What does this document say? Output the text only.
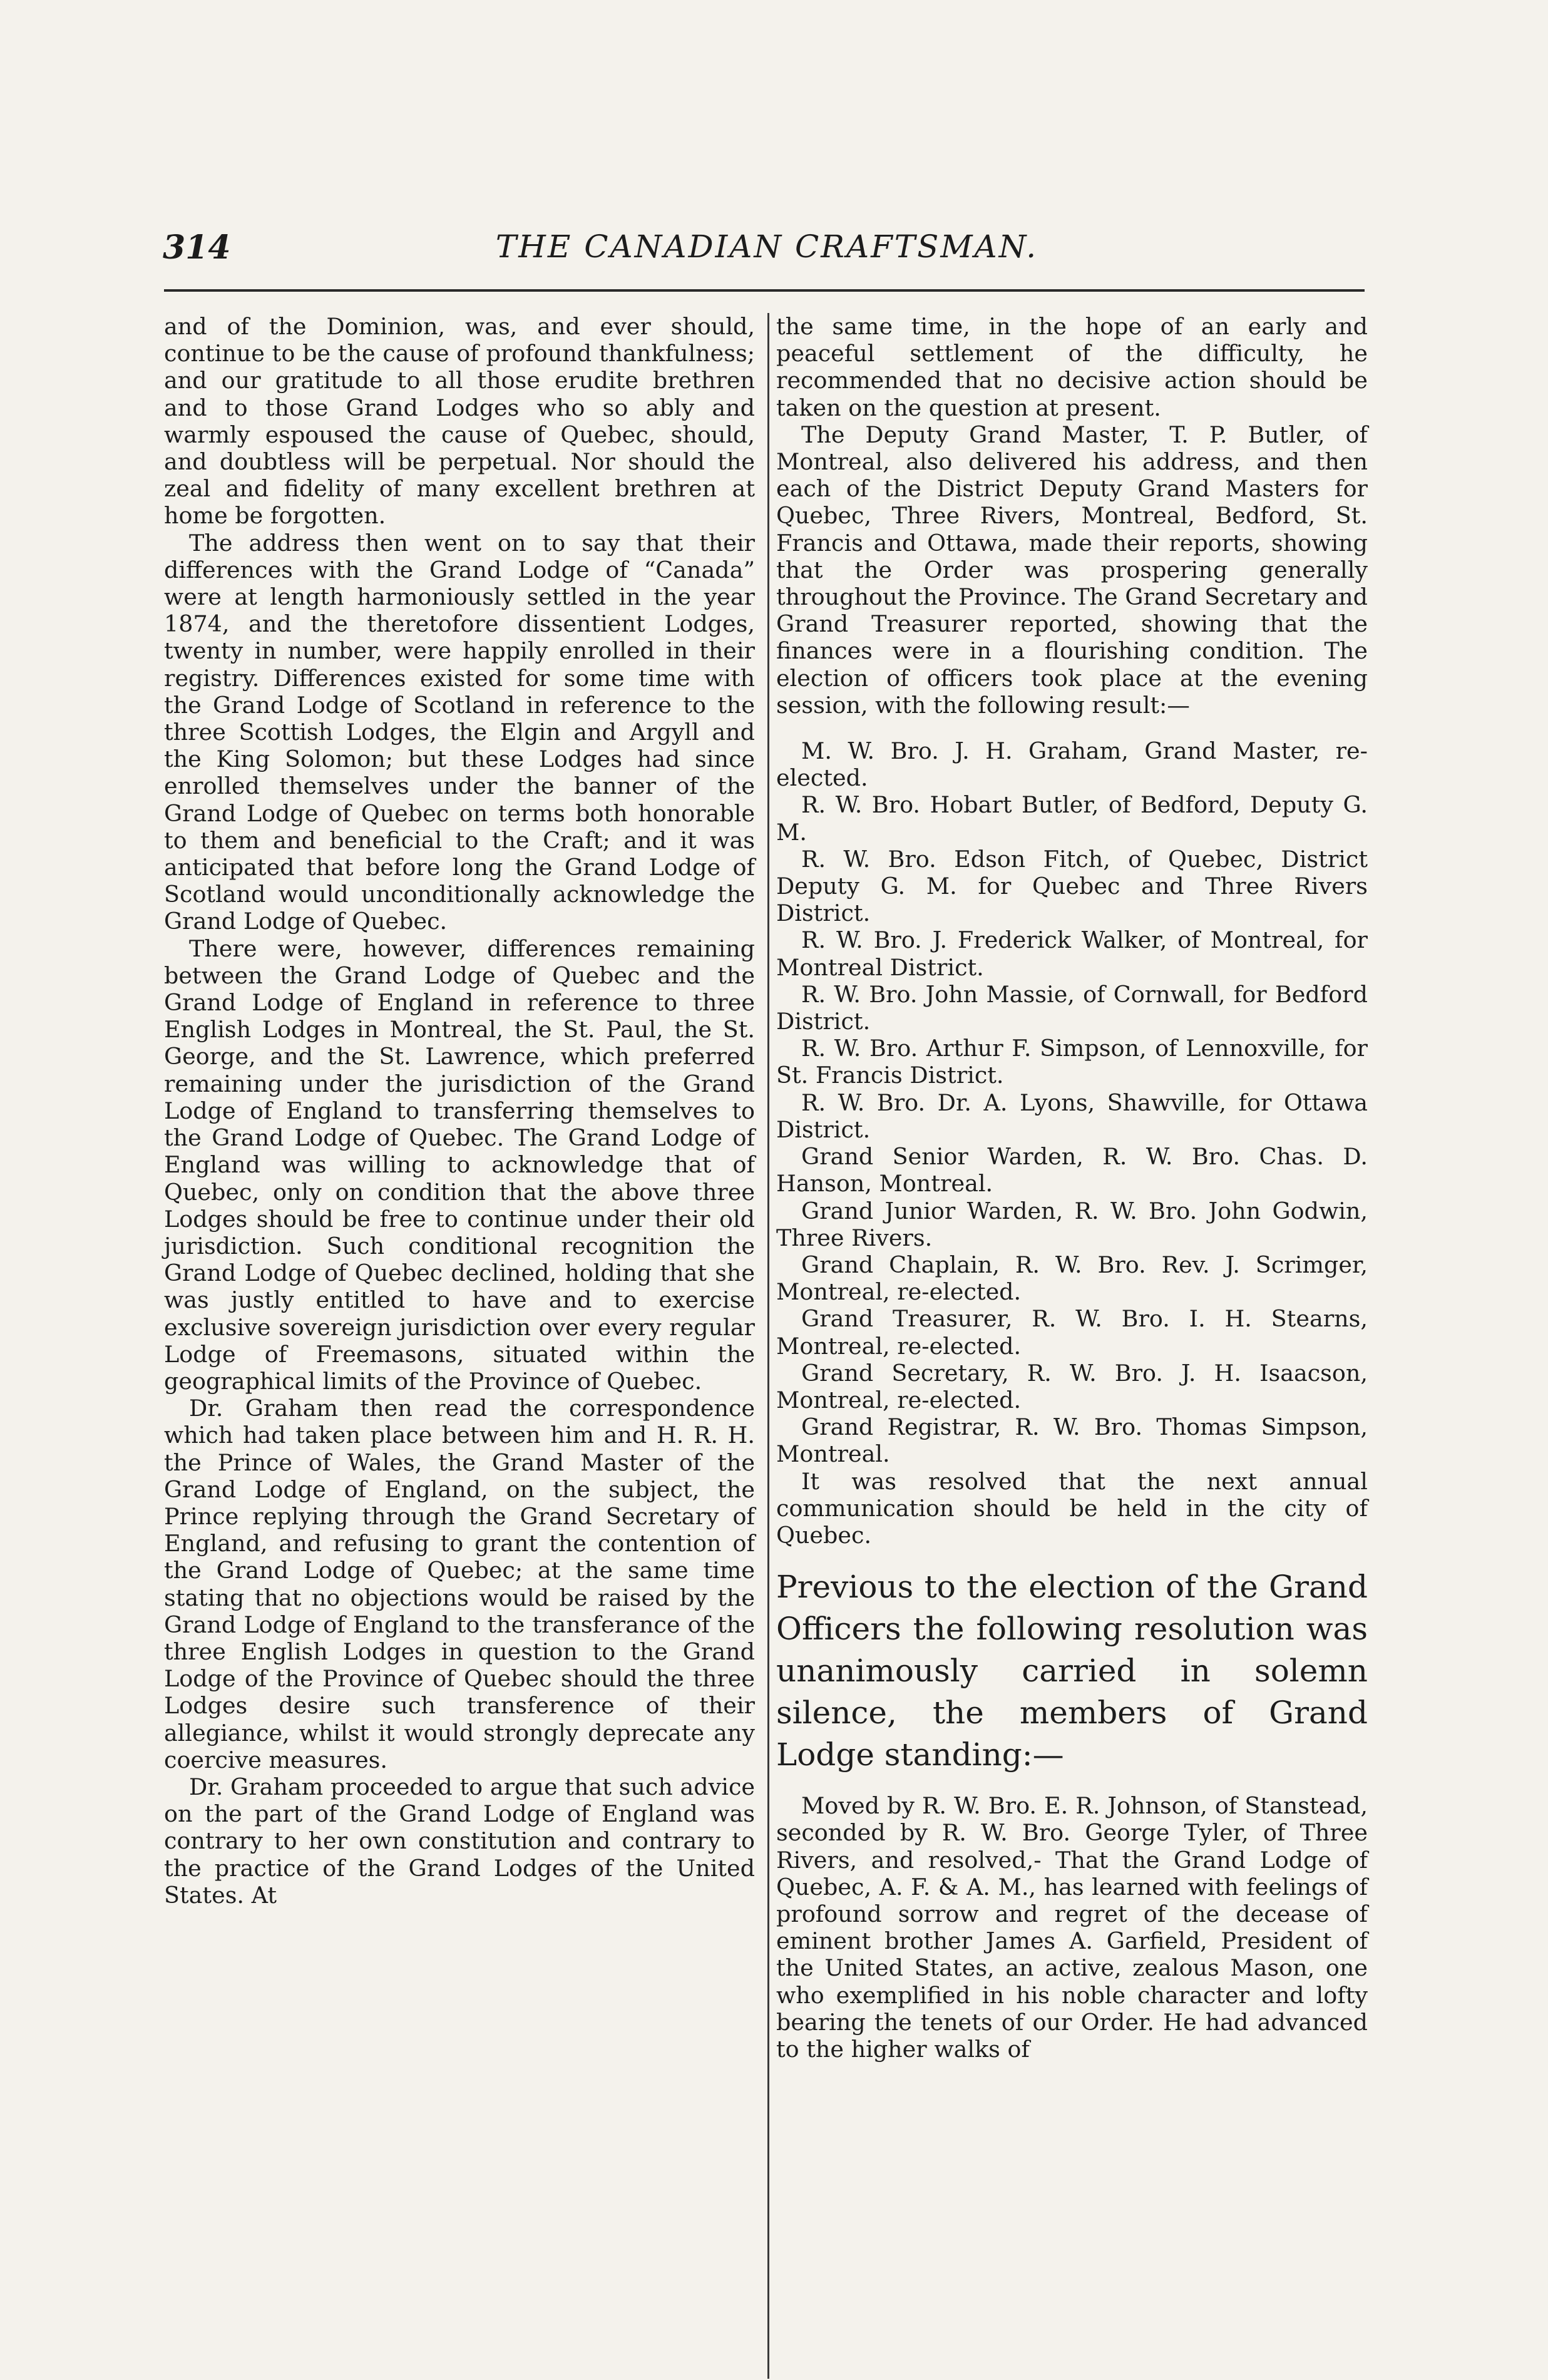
314	THE CANADIAN CRAFTSMAN.

and of the Dominion, was, and ever should, continue to be the cause of profound thankfulness; and our gratitude to all those erudite brethren and to those Grand Lodges who so ably and warmly espoused the cause of Quebec, should, and doubtless will be perpetual. Nor should the zeal and fidelity of many excellent brethren at home be forgotten.

The address then went on to say that their differences with the Grand Lodge of “Canada” were at length harmoniously settled in the year 1874, and the theretofore dissentient Lodges, twenty in number, were happily enrolled in their registry. Differences existed for some time with the Grand Lodge of Scotland in reference to the three Scottish Lodges, the Elgin and Argyll and the King Solomon; but these Lodges had since enrolled themselves under the banner of the Grand Lodge of Quebec on terms both honorable to them and beneficial to the Craft; and it was anticipated that before long the Grand Lodge of Scotland would unconditionally acknowledge the Grand Lodge of Quebec.

There were, however, differences remaining between the Grand Lodge of Quebec and the Grand Lodge of England in reference to three English Lodges in Montreal, the St. Paul, the St. George, and the St. Lawrence, which preferred remaining under the jurisdiction of the Grand Lodge of England to transferring themselves to the Grand Lodge of Quebec. The Grand Lodge of England was willing to acknowledge that of Quebec, only on condition that the above three Lodges should be free to continue under their old jurisdiction. Such conditional recognition the Grand Lodge of Quebec declined, holding that she was justly entitled to have and to exercise exclusive sovereign jurisdiction over every regular Lodge of Freemasons, situated within the geographical limits of the Province of Quebec.

Dr. Graham then read the correspondence which had taken place between him and H. R. H. the Prince of Wales, the Grand Master of the Grand Lodge of England, on the subject, the Prince replying through the Grand Secretary of England, and refusing to grant the contention of the Grand Lodge of Quebec; at the same time stating that no objections would be raised by the Grand Lodge of England to the transferance of the three English Lodges in question to the Grand Lodge of the Province of Quebec should the three Lodges desire such transference of their allegiance, whilst it would strongly deprecate any coercive measures.

Dr. Graham proceeded to argue that such advice on the part of the Grand Lodge of England was contrary to her own constitution and contrary to the practice of the Grand Lodges of the United States. At

the same time, in the hope of an early and peaceful settlement of the difficulty, he recommended that no decisive action should be taken on the question at present.

The Deputy Grand Master, T. P. Butler, of Montreal, also delivered his address, and then each of the District Deputy Grand Masters for Quebec, Three Rivers, Montreal, Bedford, St. Francis and Ottawa, made their reports, showing that the Order was prospering generally throughout the Province. The Grand Secretary and Grand Treasurer reported, showing that the finances were in a flourishing condition. The election of officers took place at the evening session, with the following result:—

M. W. Bro. J. H. Graham, Grand Master, re-elected.

R. W. Bro. Hobart Butler, of Bedford, Deputy G. M.

R. W. Bro. Edson Fitch, of Quebec, District Deputy G. M. for Quebec and Three Rivers District.

R. W. Bro. J. Frederick Walker, of Montreal, for Montreal District.

R. W. Bro. John Massie, of Cornwall, for Bedford District.

R. W. Bro. Arthur F. Simpson, of Lennoxville, for St. Francis District.

R. W. Bro. Dr. A. Lyons, Shawville, for Ottawa District.

Grand Senior Warden, R. W. Bro. Chas. D. Hanson, Montreal.

Grand Junior Warden, R. W. Bro. John Godwin, Three Rivers.

Grand Chaplain, R. W. Bro. Rev. J. Scrimger, Montreal, re-elected.

Grand Treasurer, R. W. Bro. I. H. Stearns, Montreal, re-elected.

Grand Secretary, R. W. Bro. J. H. Isaacson, Montreal, re-elected.

Grand Registrar, R. W. Bro. Thomas Simpson, Montreal.

It was resolved that the next annual communication should be held in the city of Quebec.

Previous to the election of the Grand Officers the following resolution was unanimously carried in solemn silence, the members of Grand Lodge standing:—

Moved by R. W. Bro. E. R. Johnson, of Stanstead, seconded by R. W. Bro. George Tyler, of Three Rivers, and resolved,- That the Grand Lodge of Quebec, A. F. & A. M., has learned with feelings of profound sorrow and regret of the decease of eminent brother James A. Garfield, President of the United States, an active, zealous Mason, one who exemplified in his noble character and lofty bearing the tenets of our Order. He had advanced to the higher walks of
